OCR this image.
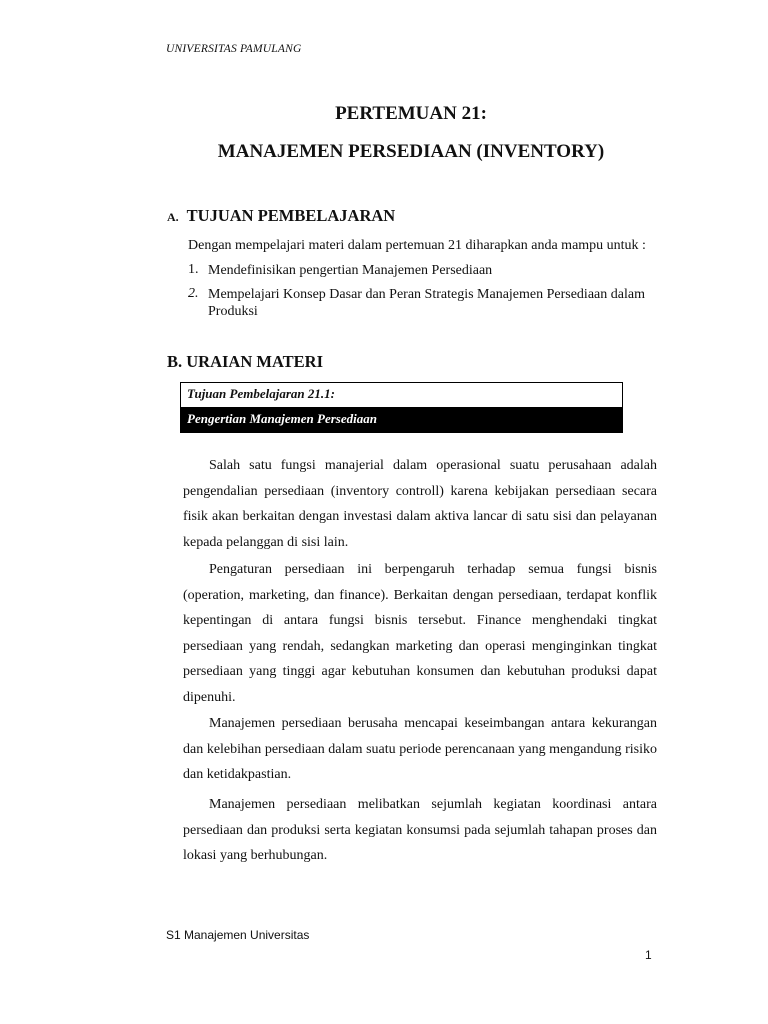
UNIVERSITAS PAMULANG
PERTEMUAN 21:
MANAJEMEN PERSEDIAAN (INVENTORY)
A. TUJUAN PEMBELAJARAN
Dengan mempelajari materi dalam pertemuan 21 diharapkan anda mampu untuk :
1. Mendefinisikan pengertian Manajemen Persediaan
2. Mempelajari Konsep Dasar dan Peran Strategis Manajemen Persediaan dalam Produksi
B. URAIAN MATERI
Tujuan Pembelajaran 21.1:
Pengertian Manajemen Persediaan
Salah satu fungsi manajerial dalam operasional suatu perusahaan adalah pengendalian persediaan (inventory controll) karena kebijakan persediaan secara fisik akan berkaitan dengan investasi dalam aktiva lancar di satu sisi dan pelayanan kepada pelanggan di sisi lain.
Pengaturan persediaan ini berpengaruh terhadap semua fungsi bisnis (operation, marketing, dan finance). Berkaitan dengan persediaan, terdapat konflik kepentingan di antara fungsi bisnis tersebut. Finance menghendaki tingkat persediaan yang rendah, sedangkan marketing dan operasi menginginkan tingkat persediaan yang tinggi agar kebutuhan konsumen dan kebutuhan produksi dapat dipenuhi.
Manajemen persediaan berusaha mencapai keseimbangan antara kekurangan dan kelebihan persediaan dalam suatu periode perencanaan yang mengandung risiko dan ketidakpastian.
Manajemen persediaan melibatkan sejumlah kegiatan koordinasi antara persediaan dan produksi serta kegiatan konsumsi pada sejumlah tahapan proses dan lokasi yang berhubungan.
S1 Manajemen Universitas
1
